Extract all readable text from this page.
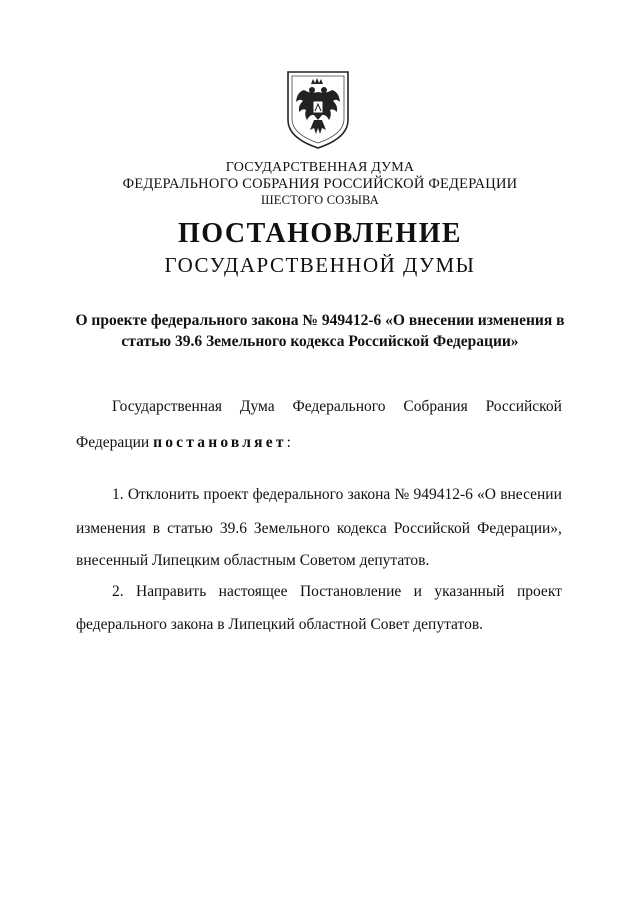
ГОСУДАРСТВЕННАЯ ДУМА
ФЕДЕРАЛЬНОГО СОБРАНИЯ РОССИЙСКОЙ ФЕДЕРАЦИИ
ШЕСТОГО СОЗЫВА
ПОСТАНОВЛЕНИЕ
ГОСУДАРСТВЕННОЙ ДУМЫ
О проекте федерального закона № 949412-6 «О внесении изменения в
статью 39.6 Земельного кодекса Российской Федерации»
Государственная Дума Федерального Собрания Российской
Федерации постановляет:
1. Отклонить проект федерального закона № 949412-6 «О внесении
изменения в статью 39.6 Земельного кодекса Российской Федерации»,
внесенный Липецким областным Советом депутатов.
2. Направить настоящее Постановление и указанный проект
федерального закона в Липецкий областной Совет депутатов.
